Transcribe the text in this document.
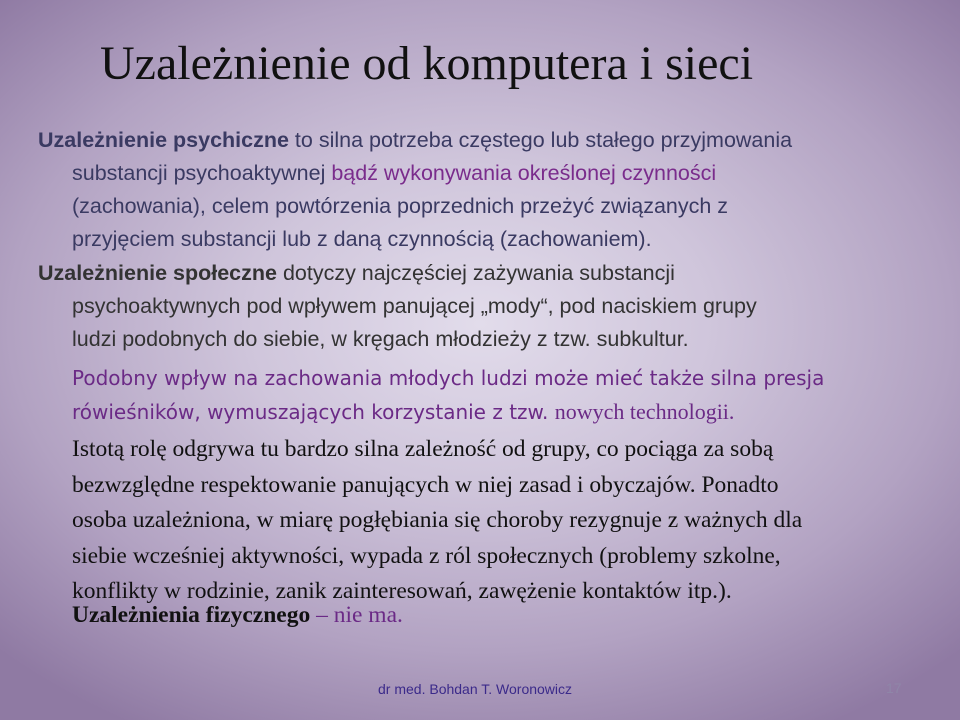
Uzależnienie od komputera i sieci
Uzależnienie psychiczne to silna potrzeba częstego lub stałego przyjmowania
substancji psychoaktywnej bądź wykonywania określonej czynności
(zachowania), celem powtórzenia poprzednich przeżyć związanych z
przyjęciem substancji lub z daną czynnością (zachowaniem).
Uzależnienie społeczne dotyczy najczęściej zażywania substancji
psychoaktywnych pod wpływem panującej „mody“, pod naciskiem grupy
ludzi podobnych do siebie, w kręgach młodzieży z tzw. subkultur.
Podobny wpływ na zachowania młodych ludzi może mieć także silna presja
rówieśników, wymuszających korzystanie z tzw. nowych technologii.
Istotą rolę odgrywa tu bardzo silna zależność od grupy, co pociąga za sobą
bezwzględne respektowanie panujących w niej zasad i obyczajów. Ponadto
osoba uzależniona, w miarę pogłębiania się choroby rezygnuje z ważnych dla
siebie wcześniej aktywności, wypada z ról społecznych (problemy szkolne,
konflikty w rodzinie, zanik zainteresowań, zawężenie kontaktów itp.).
Uzależnienia fizycznego – nie ma.
dr med. Bohdan T. Woronowicz	17
